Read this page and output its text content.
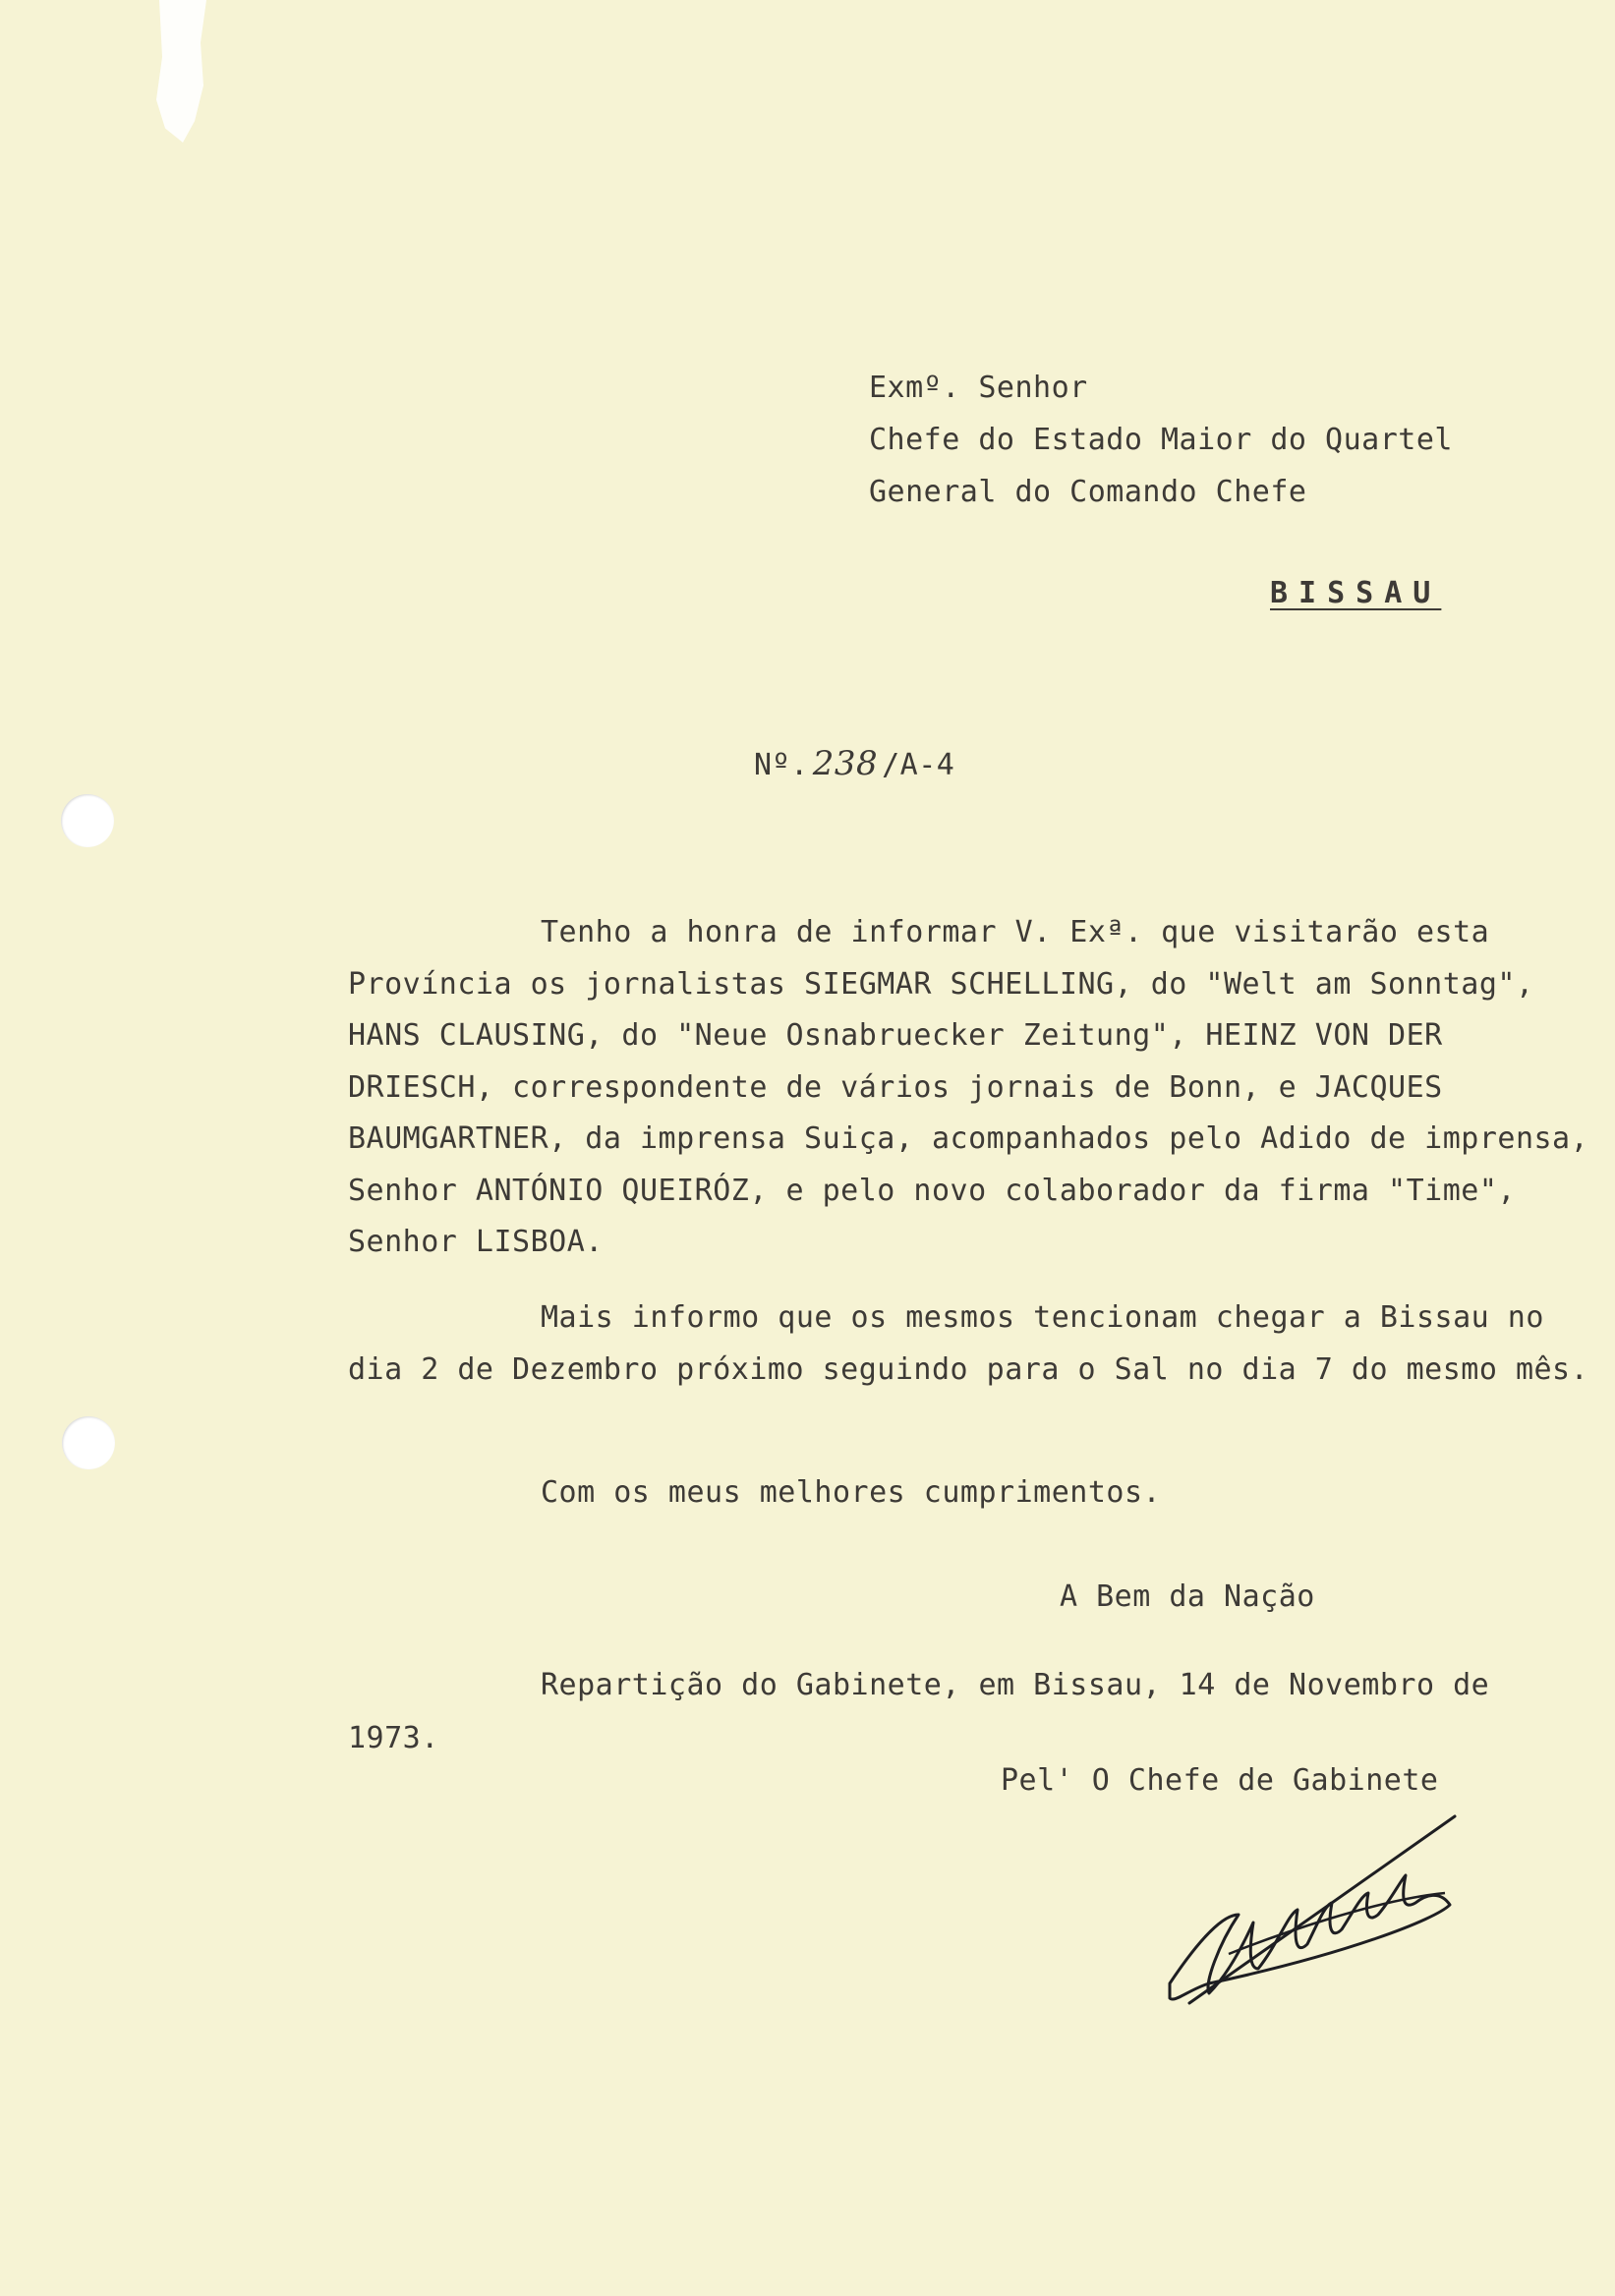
Exmº. Senhor
Chefe do Estado Maior do Quartel
General do Comando Chefe
BISSAU
Nº. 238 /A-4
Tenho a honra de informar V. Exª. que visitarão esta Província os jornalistas SIEGMAR SCHELLING, do "Welt am Sonntag", HANS CLAUSING, do "Neue Osnabruecker Zeitung", HEINZ VON DER DRIESCH, correspondente de vários jornais de Bonn, e JACQUES BAUMGARTNER, da imprensa Suiça, acompanhados pelo Adido de imprensa, Senhor ANTÓNIO QUEIRÓZ, e pelo novo colaborador da firma "Time", Senhor LISBOA.
Mais informo que os mesmos tencionam chegar a Bissau no dia 2 de Dezembro próximo seguindo para o Sal no dia 7 do mesmo mês.
Com os meus melhores cumprimentos.
A Bem da Nação
Repartição do Gabinete, em Bissau, 14 de Novembro de
1973.
Pel' O Chefe de Gabinete
